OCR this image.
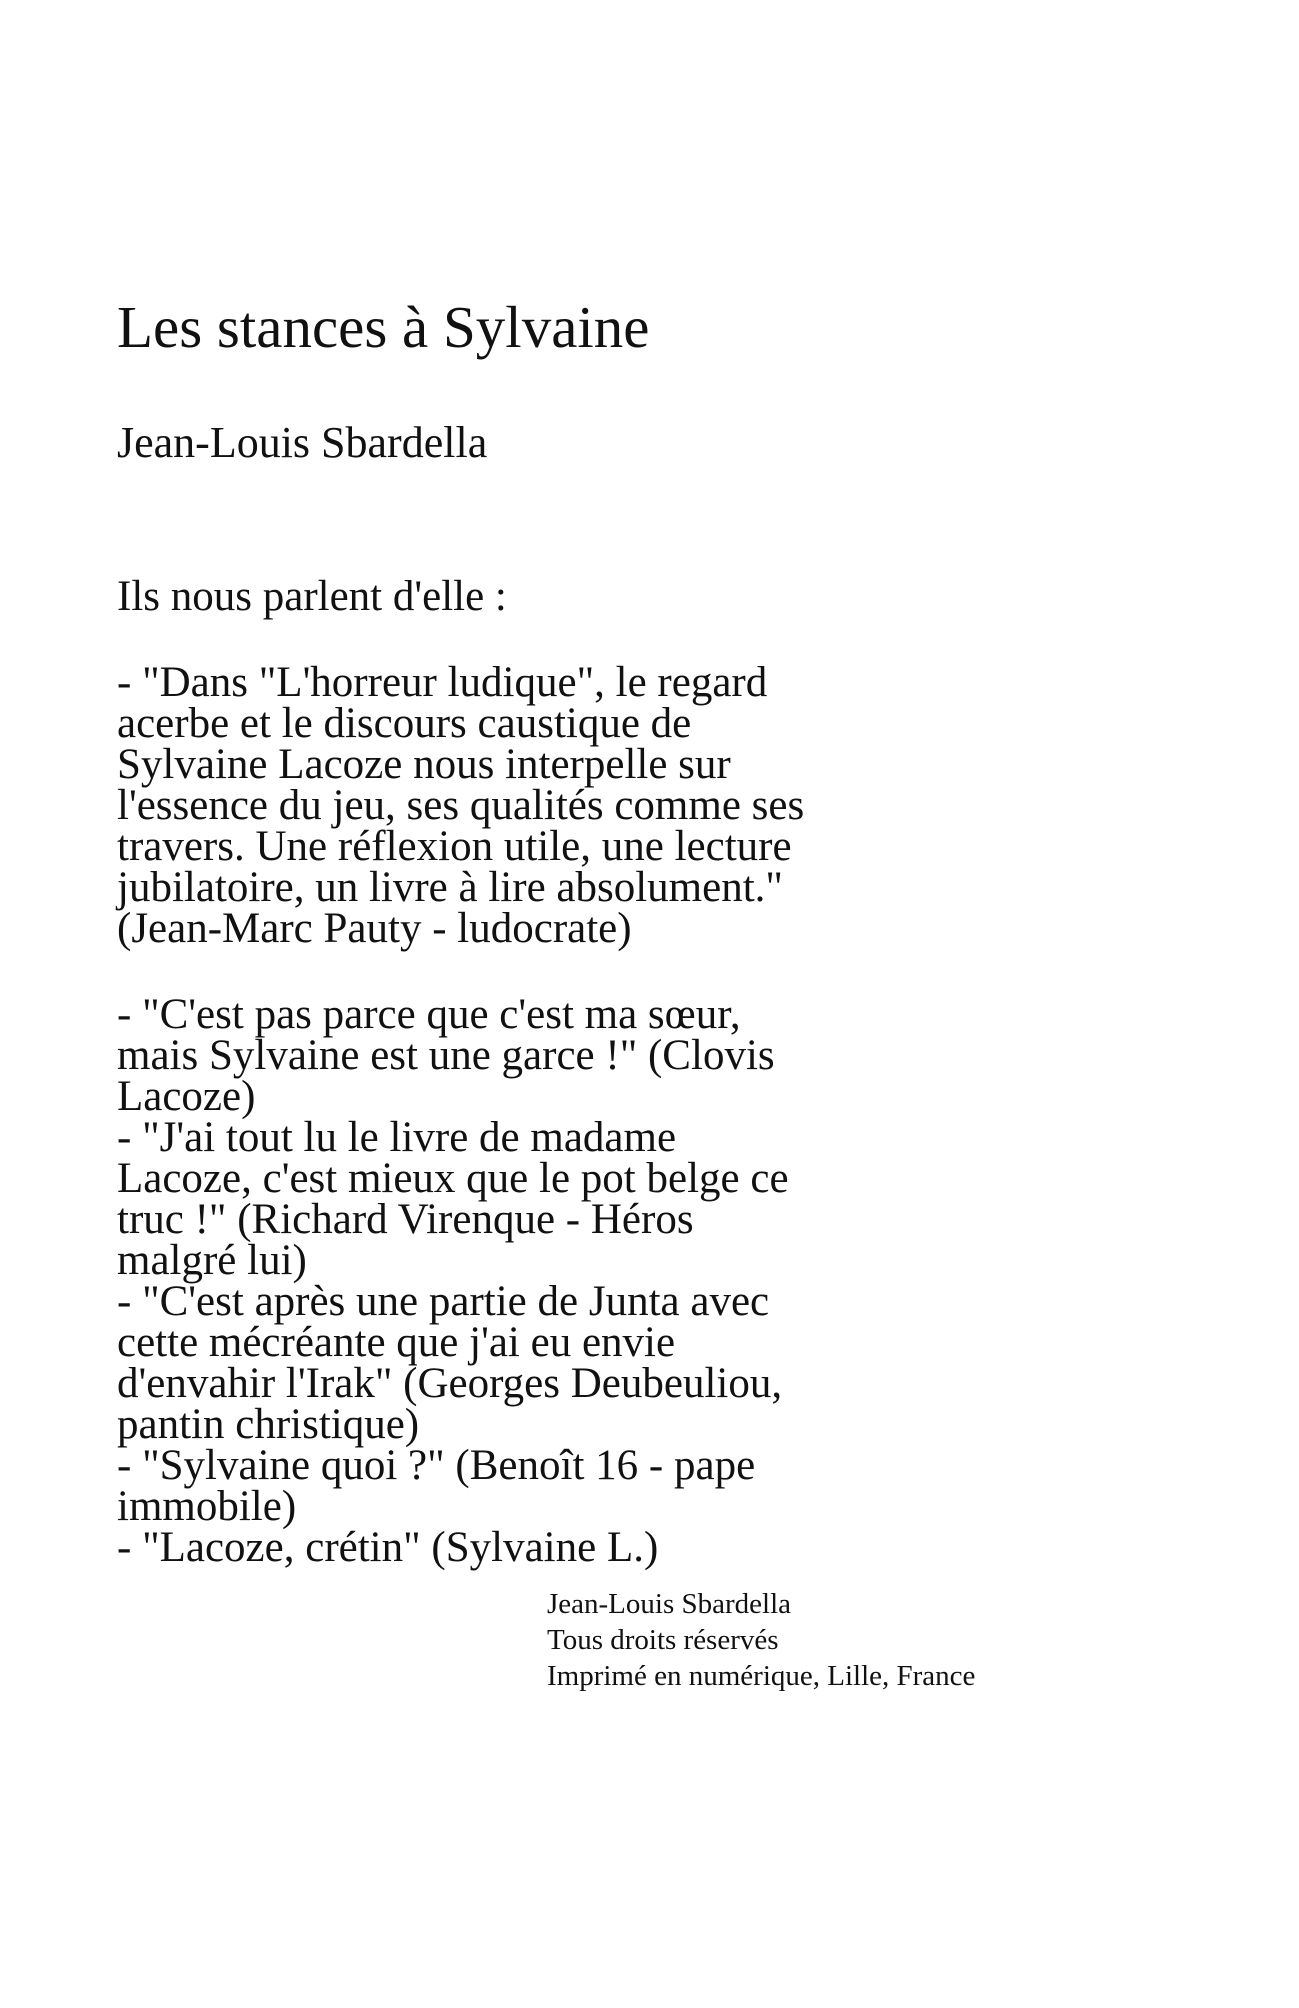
Les stances à Sylvaine
Jean-Louis Sbardella

Ils nous parlent d'elle :

- "Dans "L'horreur ludique", le regard
acerbe et le discours caustique de
Sylvaine Lacoze nous interpelle sur
l'essence du jeu, ses qualités comme ses
travers. Une réflexion utile, une lecture
jubilatoire, un livre à lire absolument."
(Jean-Marc Pauty - ludocrate)

- "C'est pas parce que c'est ma sœur,
mais Sylvaine est une garce !" (Clovis
Lacoze)
- "J'ai tout lu le livre de madame
Lacoze, c'est mieux que le pot belge ce
truc !" (Richard Virenque - Héros
malgré lui)
- "C'est après une partie de Junta avec
cette mécréante que j'ai eu envie
d'envahir l'Irak" (Georges Deubeuliou,
pantin christique)
- "Sylvaine quoi ?" (Benoît 16 - pape
immobile)
- "Lacoze, crétin" (Sylvaine L.)

Jean-Louis Sbardella
Tous droits réservés
Imprimé en numérique, Lille, France
